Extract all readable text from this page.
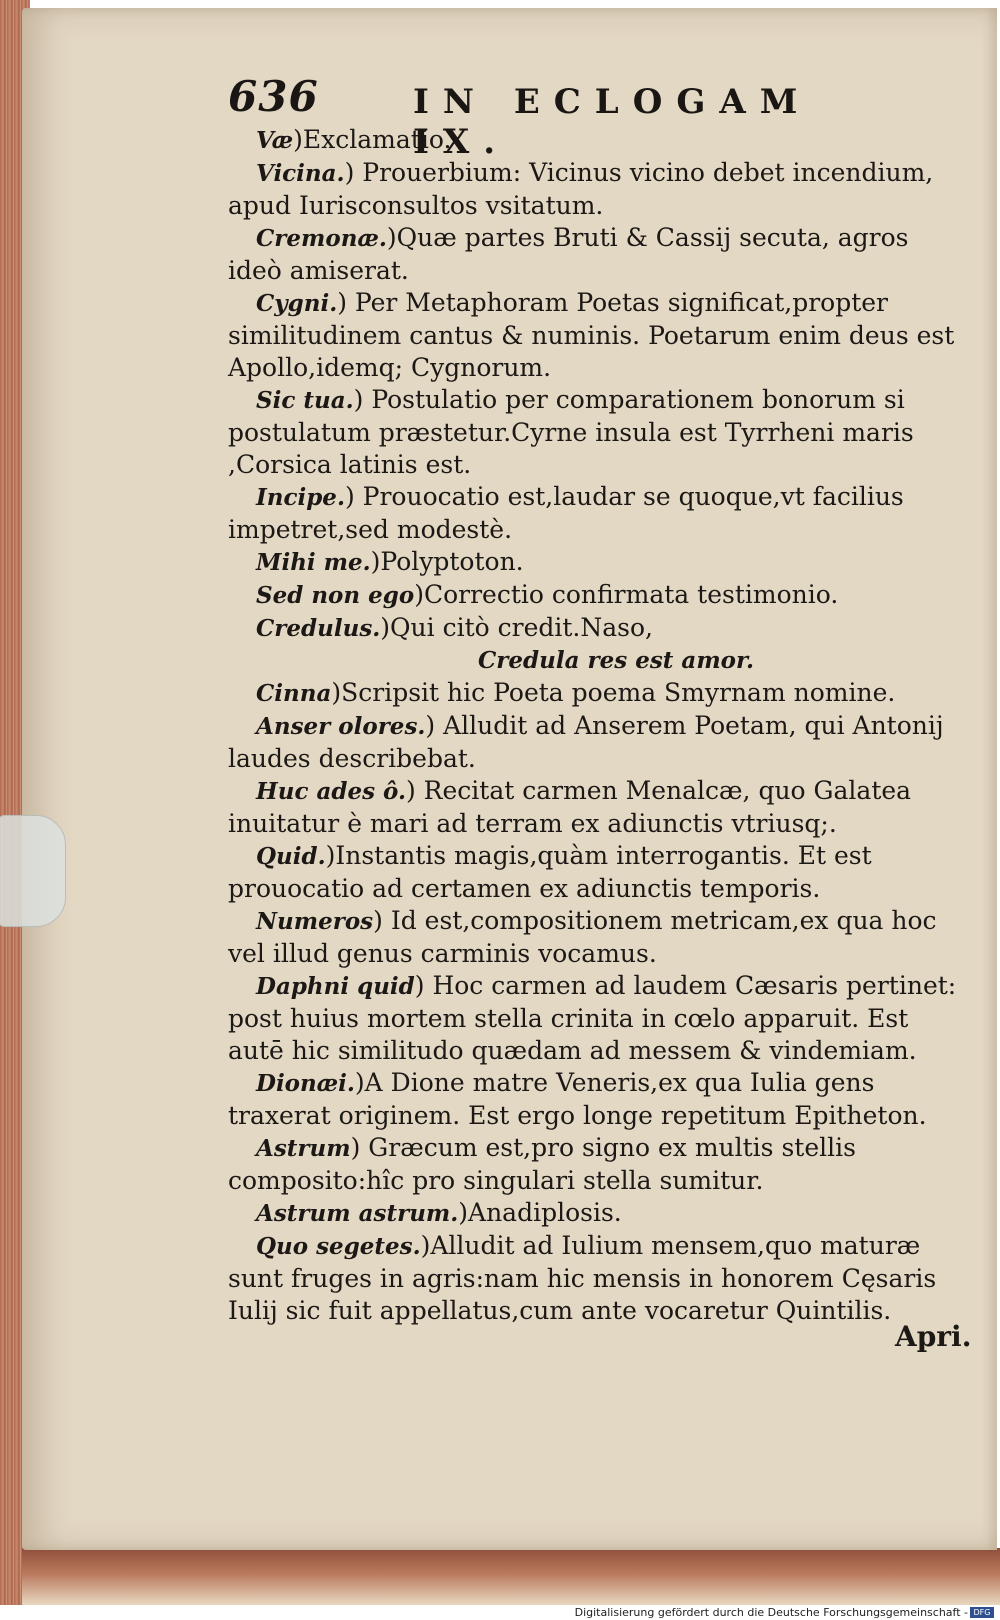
636	IN ECLOGAM IX.

Væ)Exclamatio.

Vicina.) Prouerbium: Vicinus vicino debet incendium, apud Iurisconsultos vsitatum.

Cremonæ.)Quæ partes Bruti & Cassij secuta, agros ideò amiserat.

Cygni.) Per Metaphoram Poetas significat,propter similitudinem cantus & numinis. Poetarum enim deus est Apollo,idemq; Cygnorum.

Sic tua.) Postulatio per comparationem bonorum si postulatum præstetur.Cyrne insula est Tyrrheni maris ,Corsica latinis est.

Incipe.) Prouocatio est,laudar se quoque,vt facilius impetret,sed modestè.

Mihi me.)Polyptoton.

Sed non ego)Correctio confirmata testimonio.

Credulus.)Qui citò credit.Naso,

Credula res est amor.

Cinna)Scripsit hic Poeta poema Smyrnam nomine.

Anser olores.) Alludit ad Anserem Poetam, qui Antonij laudes describebat.

Huc ades ô.) Recitat carmen Menalcæ, quo Galatea inuitatur è mari ad terram ex adiunctis vtriusq;.

Quid.)Instantis magis,quàm interrogantis. Et est prouocatio ad certamen ex adiunctis temporis.

Numeros) Id est,compositionem metricam,ex qua hoc vel illud genus carminis vocamus.

Daphni quid) Hoc carmen ad laudem Cæsaris pertinet: post huius mortem stella crinita in cœlo apparuit. Est autē hic similitudo quædam ad messem & vindemiam.

Dionæi.)A Dione matre Veneris,ex qua Iulia gens traxerat originem. Est ergo longe repetitum Epitheton.

Astrum) Græcum est,pro signo ex multis stellis composito:hîc pro singulari stella sumitur.

Astrum astrum.)Anadiplosis.

Quo segetes.)Alludit ad Iulium mensem,quo maturæ sunt fruges in agris:nam hic mensis in honorem Cęsaris Iulij sic fuit appellatus,cum ante vocaretur Quintilis.

Apri.
Digitalisierung gefördert durch die Deutsche Forschungsgemeinschaft - DFG
